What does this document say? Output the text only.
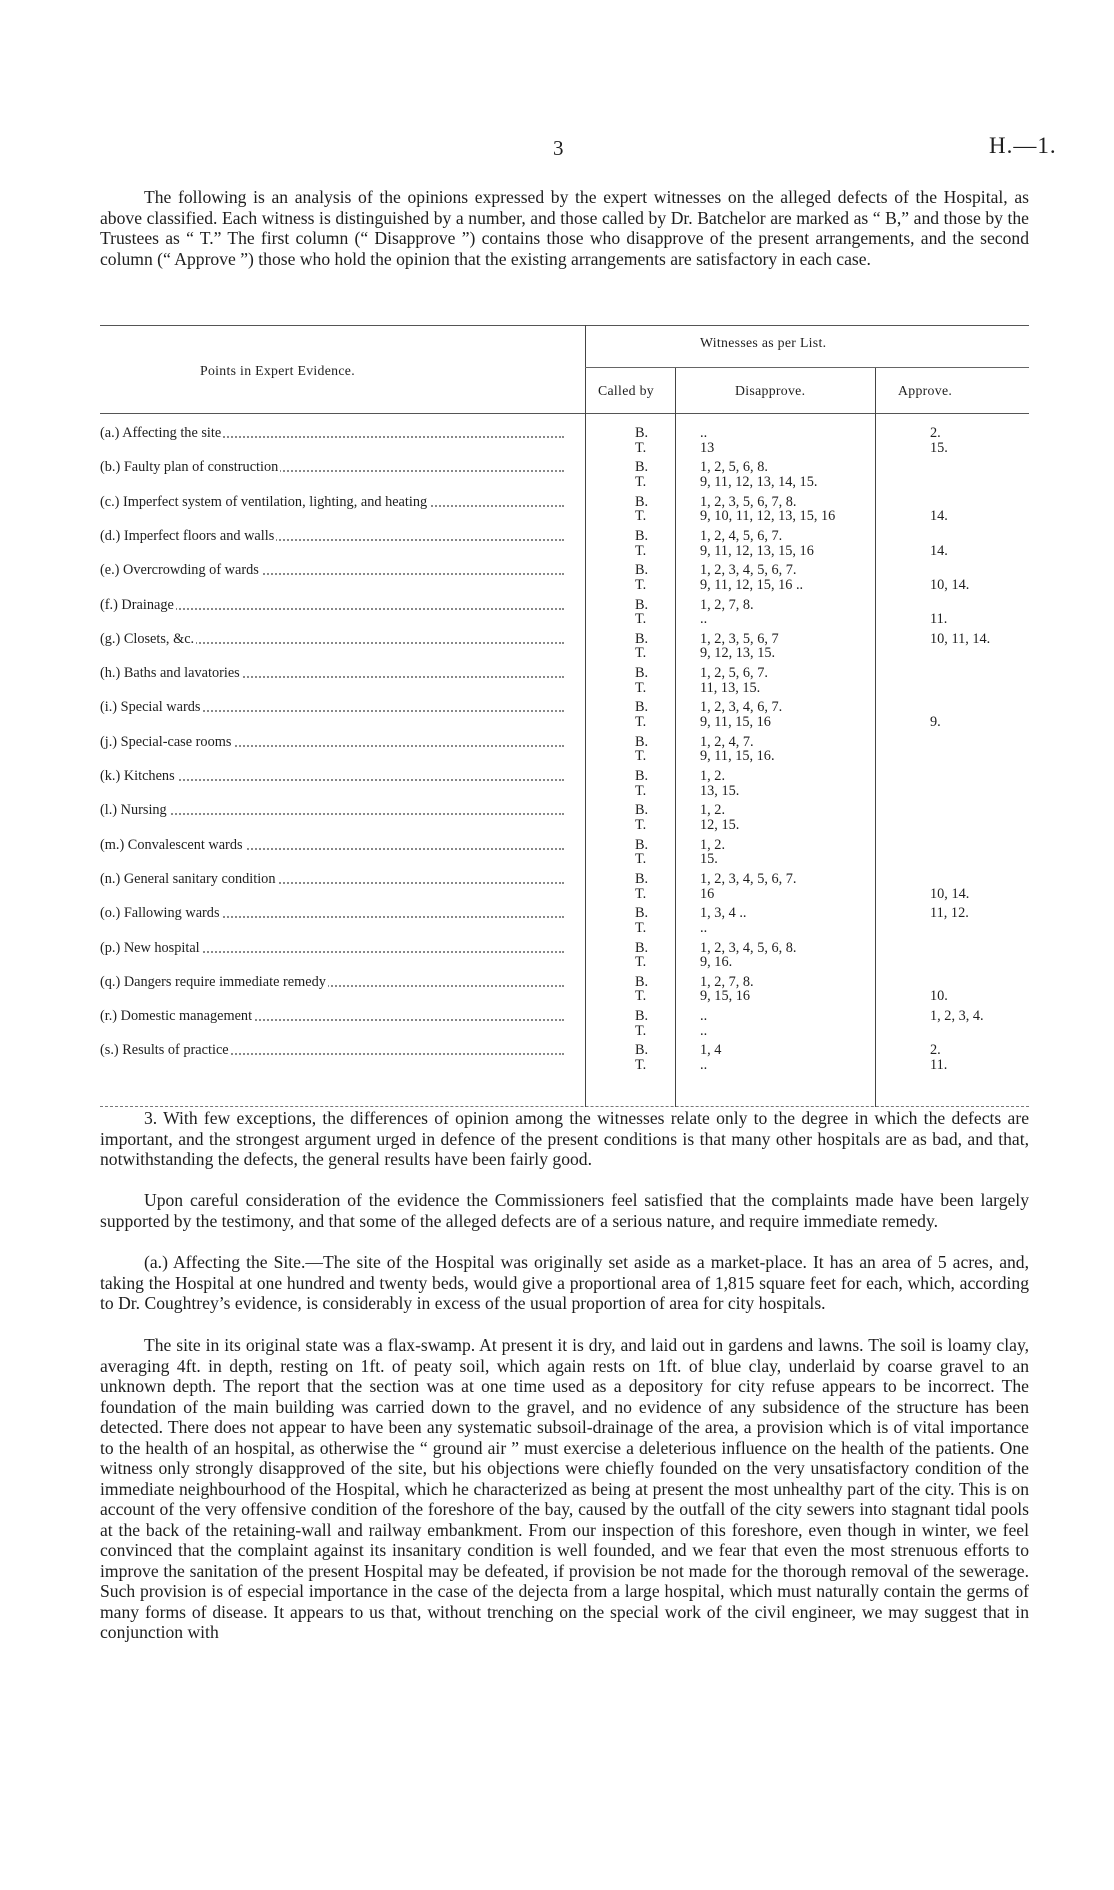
3	H.—1.

The following is an analysis of the opinions expressed by the expert witnesses on the alleged defects of the Hospital, as above classified. Each witness is distinguished by a number, and those called by Dr. Batchelor are marked as “ B,” and those by the Trustees as “ T.” The first column (“ Disapprove ”) contains those who disapprove of the present arrangements, and the second column (“ Approve ”) those who hold the opinion that the existing arrangements are satisfactory in each case.

Points in Expert Evidence.
Witnesses as per List.
Called by	Disapprove.	Approve.
(a.) Affecting the site	B.	..	2.
T.	13	15.
(b.) Faulty plan of construction	B.	1, 2, 5, 6, 8.
T.	9, 11, 12, 13, 14, 15.
(c.) Imperfect system of ventilation, lighting, and heating	B.	1, 2, 3, 5, 6, 7, 8.
T.	9, 10, 11, 12, 13, 15, 16	14.
(d.) Imperfect floors and walls	B.	1, 2, 4, 5, 6, 7.
T.	9, 11, 12, 13, 15, 16	14.
(e.) Overcrowding of wards	B.	1, 2, 3, 4, 5, 6, 7.
T.	9, 11, 12, 15, 16 ..	10, 14.
(f.) Drainage	B.	1, 2, 7, 8.
T.	..	11.
(g.) Closets, &c.	B.	1, 2, 3, 5, 6, 7	10, 11, 14.
T.	9, 12, 13, 15.
(h.) Baths and lavatories	B.	1, 2, 5, 6, 7.
T.	11, 13, 15.
(i.) Special wards	B.	1, 2, 3, 4, 6, 7.
T.	9, 11, 15, 16	9.
(j.) Special-case rooms	B.	1, 2, 4, 7.
T.	9, 11, 15, 16.
(k.) Kitchens	B.	1, 2.
T.	13, 15.
(l.) Nursing	B.	1, 2.
T.	12, 15.
(m.) Convalescent wards	B.	1, 2.
T.	15.
(n.) General sanitary condition	B.	1, 2, 3, 4, 5, 6, 7.
T.	16	10, 14.
(o.) Fallowing wards	B.	1, 3, 4 ..	11, 12.
T.	..
(p.) New hospital	B.	1, 2, 3, 4, 5, 6, 8.
T.	9, 16.
(q.) Dangers require immediate remedy	B.	1, 2, 7, 8.
T.	9, 15, 16	10.
(r.) Domestic management	B.	..	1, 2, 3, 4.
T.	..
(s.) Results of practice	B.	1, 4	2.
T.	..	11.

3. With few exceptions, the differences of opinion among the witnesses relate only to the degree in which the defects are important, and the strongest argument urged in defence of the present conditions is that many other hospitals are as bad, and that, notwithstanding the defects, the general results have been fairly good.

Upon careful consideration of the evidence the Commissioners feel satisfied that the complaints made have been largely supported by the testimony, and that some of the alleged defects are of a serious nature, and require immediate remedy.

(a.) Affecting the Site.—The site of the Hospital was originally set aside as a market-place. It has an area of 5 acres, and, taking the Hospital at one hundred and twenty beds, would give a proportional area of 1,815 square feet for each, which, according to Dr. Coughtrey’s evidence, is considerably in excess of the usual proportion of area for city hospitals.

The site in its original state was a flax-swamp. At present it is dry, and laid out in gardens and lawns. The soil is loamy clay, averaging 4ft. in depth, resting on 1ft. of peaty soil, which again rests on 1ft. of blue clay, underlaid by coarse gravel to an unknown depth. The report that the section was at one time used as a depository for city refuse appears to be incorrect. The foundation of the main building was carried down to the gravel, and no evidence of any subsidence of the structure has been detected. There does not appear to have been any systematic subsoil-drainage of the area, a provision which is of vital importance to the health of an hospital, as otherwise the “ ground air ” must exercise a deleterious influence on the health of the patients. One witness only strongly disapproved of the site, but his objections were chiefly founded on the very unsatisfactory condition of the immediate neighbourhood of the Hospital, which he characterized as being at present the most unhealthy part of the city. This is on account of the very offensive condition of the foreshore of the bay, caused by the outfall of the city sewers into stagnant tidal pools at the back of the retaining-wall and railway embankment. From our inspection of this foreshore, even though in winter, we feel convinced that the complaint against its insanitary condition is well founded, and we fear that even the most strenuous efforts to improve the sanitation of the present Hospital may be defeated, if provision be not made for the thorough removal of the sewerage. Such provision is of especial importance in the case of the dejecta from a large hospital, which must naturally contain the germs of many forms of disease. It appears to us that, without trenching on the special work of the civil engineer, we may suggest that in conjunction with
